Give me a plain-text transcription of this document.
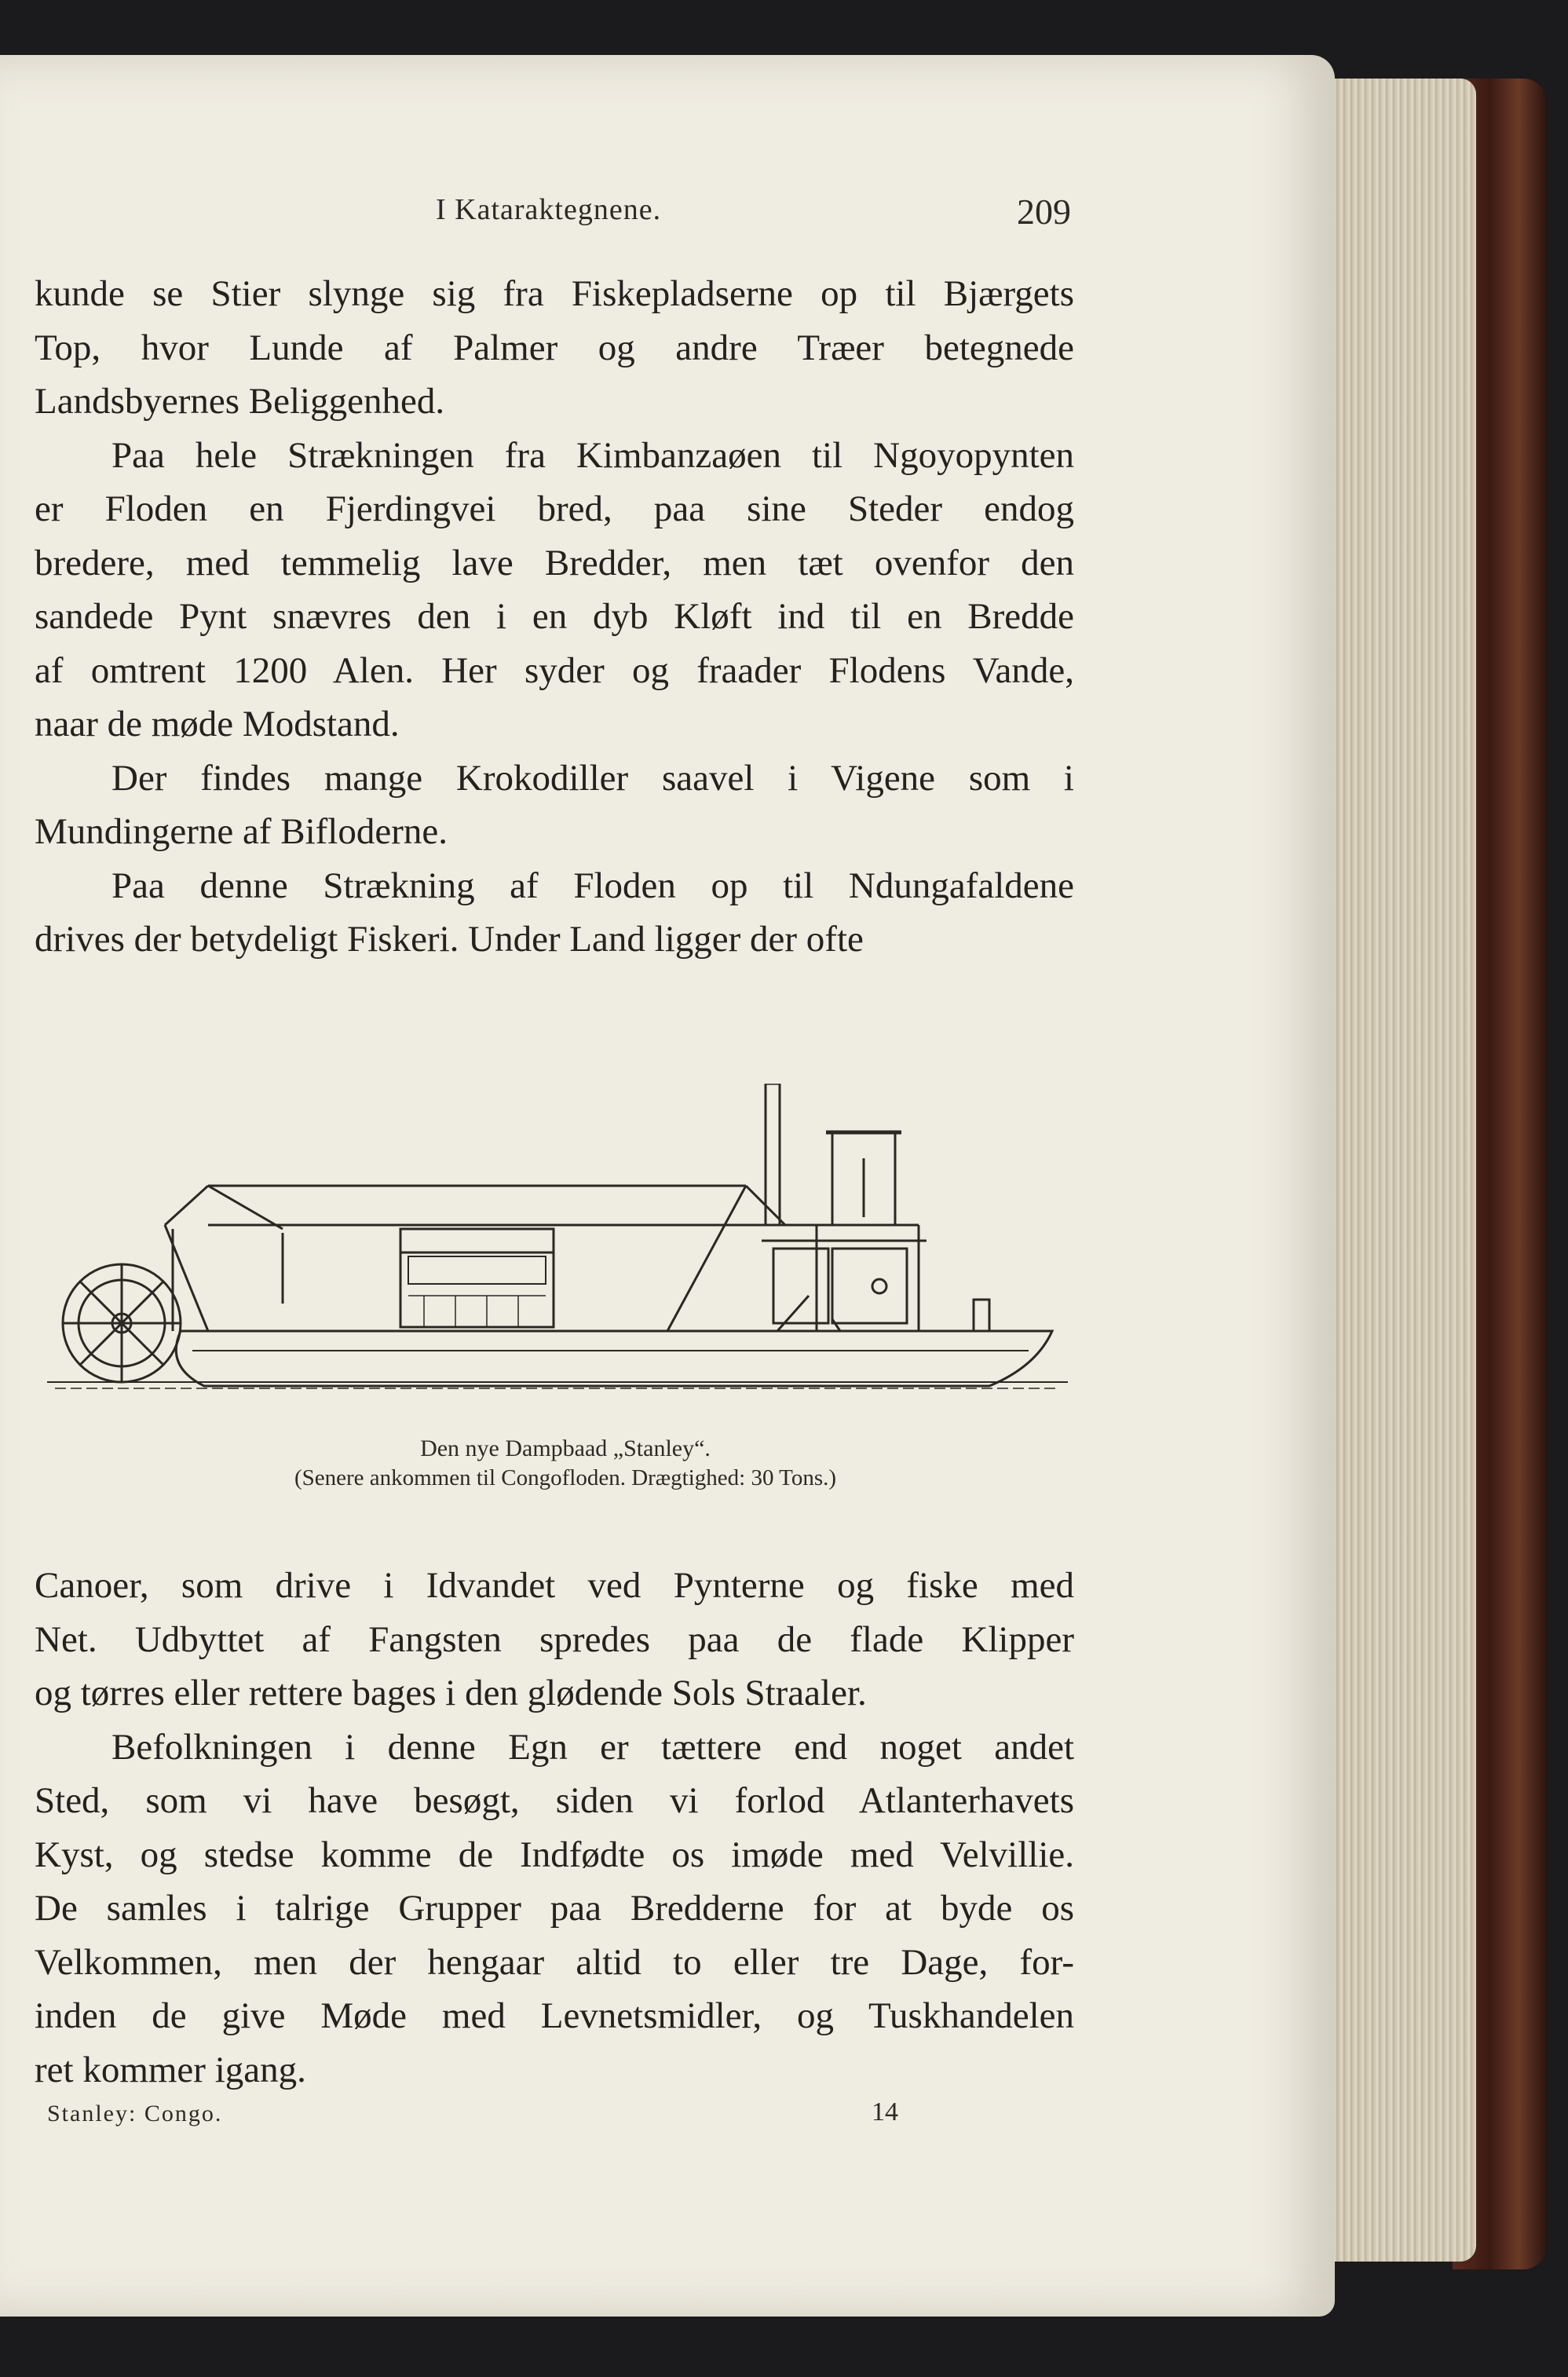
I Kataraktegnene.	209

kunde se Stier slynge sig fra Fiskepladserne op til Bjærgets
Top, hvor Lunde af Palmer og andre Træer betegnede
Landsbyernes Beliggenhed.

Paa hele Strækningen fra Kimbanzaøen til Ngoyopynten
er Floden en Fjerdingvei bred, paa sine Steder endog
bredere, med temmelig lave Bredder, men tæt ovenfor den
sandede Pynt snævres den i en dyb Kløft ind til en Bredde
af omtrent 1200 Alen. Her syder og fraader Flodens Vande,
naar de møde Modstand.

Der findes mange Krokodiller saavel i Vigene som i
Mundingerne af Bifloderne.

Paa denne Strækning af Floden op til Ndungafaldene
drives der betydeligt Fiskeri. Under Land ligger der ofte

Den nye Dampbaad „Stanley“.
(Senere ankommen til Congofloden. Drægtighed: 30 Tons.)

Canoer, som drive i Idvandet ved Pynterne og fiske med
Net. Udbyttet af Fangsten spredes paa de flade Klipper
og tørres eller rettere bages i den glødende Sols Straaler.

Befolkningen i denne Egn er tættere end noget andet
Sted, som vi have besøgt, siden vi forlod Atlanterhavets
Kyst, og stedse komme de Indfødte os imøde med Velvillie.
De samles i talrige Grupper paa Bredderne for at byde os
Velkommen, men der hengaar altid to eller tre Dage, for-
inden de give Møde med Levnetsmidler, og Tuskhandelen
ret kommer igang.

Stanley: Congo.	14
